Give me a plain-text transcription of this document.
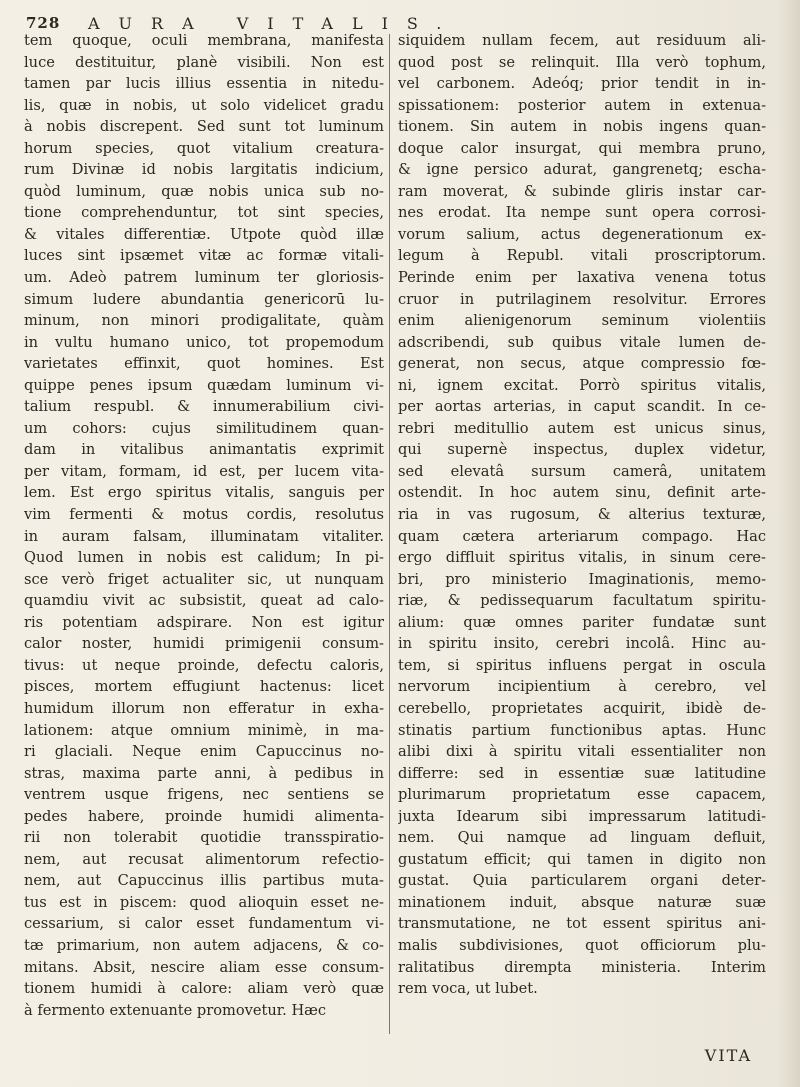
728 AURA VITALIS.
tem quoque, oculi membrana, manifesta
luce destituitur, planè visibili. Non est
tamen par lucis illius essentia in nitedu-
lis, quæ in nobis, ut solo videlicet gradu
à nobis discrepent. Sed sunt tot luminum
horum species, quot vitalium creatura-
rum Divinæ id nobis largitatis indicium,
quòd luminum, quæ nobis unica sub no-
tione comprehenduntur, tot sint species,
& vitales differentiæ. Utpote quòd illæ
luces sint ipsæmet vitæ ac formæ vitali-
um. Adeò patrem luminum ter gloriosis-
simum ludere abundantia genericorū lu-
minum, non minori prodigalitate, quàm
in vultu humano unico, tot propemodum
varietates effinxit, quot homines. Est
quippe penes ipsum quædam luminum vi-
talium respubl. & innumerabilium civi-
um cohors: cujus similitudinem quan-
dam in vitalibus animantatis exprimit
per vitam, formam, id est, per lucem vita-
lem. Est ergo spiritus vitalis, sanguis per
vim fermenti & motus cordis, resolutus
in auram falsam, illuminatam vitaliter.
Quod lumen in nobis est calidum; In pi-
sce verò friget actualiter sic, ut nunquam
quamdiu vivit ac subsistit, queat ad calo-
ris potentiam adspirare. Non est igitur
calor noster, humidi primigenii consum-
tivus: ut neque proinde, defectu caloris,
pisces, mortem effugiunt hactenus: licet
humidum illorum non efferatur in exha-
lationem: atque omnium minimè, in ma-
ri glaciali. Neque enim Capuccinus no-
stras, maxima parte anni, à pedibus in
ventrem usque frigens, nec sentiens se
pedes habere, proinde humidi alimenta-
rii non tolerabit quotidie transspiratio-
nem, aut recusat alimentorum refectio-
nem, aut Capuccinus illis partibus muta-
tus est in piscem: quod alioquin esset ne-
cessarium, si calor esset fundamentum vi-
tæ primarium, non autem adjacens, & co-
mitans. Absit, nescire aliam esse consum-
tionem humidi à calore: aliam verò quæ
à fermento extenuante promovetur. Hæc
siquidem nullam fecem, aut residuum ali-
quod post se relinquit. Illa verò tophum,
vel carbonem. Adeóq; prior tendit in in-
spissationem: posterior autem in extenua-
tionem. Sin autem in nobis ingens quan-
doque calor insurgat, qui membra pruno,
& igne persico adurat, gangrenetq; escha-
ram moverat, & subinde gliris instar car-
nes erodat. Ita nempe sunt opera corrosi-
vorum salium, actus degenerationum ex-
legum à Republ. vitali proscriptorum.
Perinde enim per laxativa venena totus
cruor in putrilaginem resolvitur. Errores
enim alienigenorum seminum violentiis
adscribendi, sub quibus vitale lumen de-
generat, non secus, atque compressio fœ-
ni, ignem excitat. Porrò spiritus vitalis,
per aortas arterias, in caput scandit. In ce-
rebri meditullio autem est unicus sinus,
qui supernè inspectus, duplex videtur,
sed elevatâ sursum camerâ, unitatem
ostendit. In hoc autem sinu, definit arte-
ria in vas rugosum, & alterius texturæ,
quam cætera arteriarum compago. Hac
ergo diffluit spiritus vitalis, in sinum cere-
bri, pro ministerio Imaginationis, memo-
riæ, & pedissequarum facultatum spiritu-
alium: quæ omnes pariter fundatæ sunt
in spiritu insito, cerebri incolâ. Hinc au-
tem, si spiritus influens pergat in oscula
nervorum incipientium à cerebro, vel
cerebello, proprietates acquirit, ibidè de-
stinatis partium functionibus aptas. Hunc
alibi dixi à spiritu vitali essentialiter non
differre: sed in essentiæ suæ latitudine
plurimarum proprietatum esse capacem,
juxta Idearum sibi impressarum latitudi-
nem. Qui namque ad linguam defluit,
gustatum efficit; qui tamen in digito non
gustat. Quia particularem organi deter-
minationem induit, absque naturæ suæ
transmutatione, ne tot essent spiritus ani-
malis subdivisiones, quot officiorum plu-
ralitatibus dirempta ministeria. Interim
rem voca, ut lubet.
VITA
